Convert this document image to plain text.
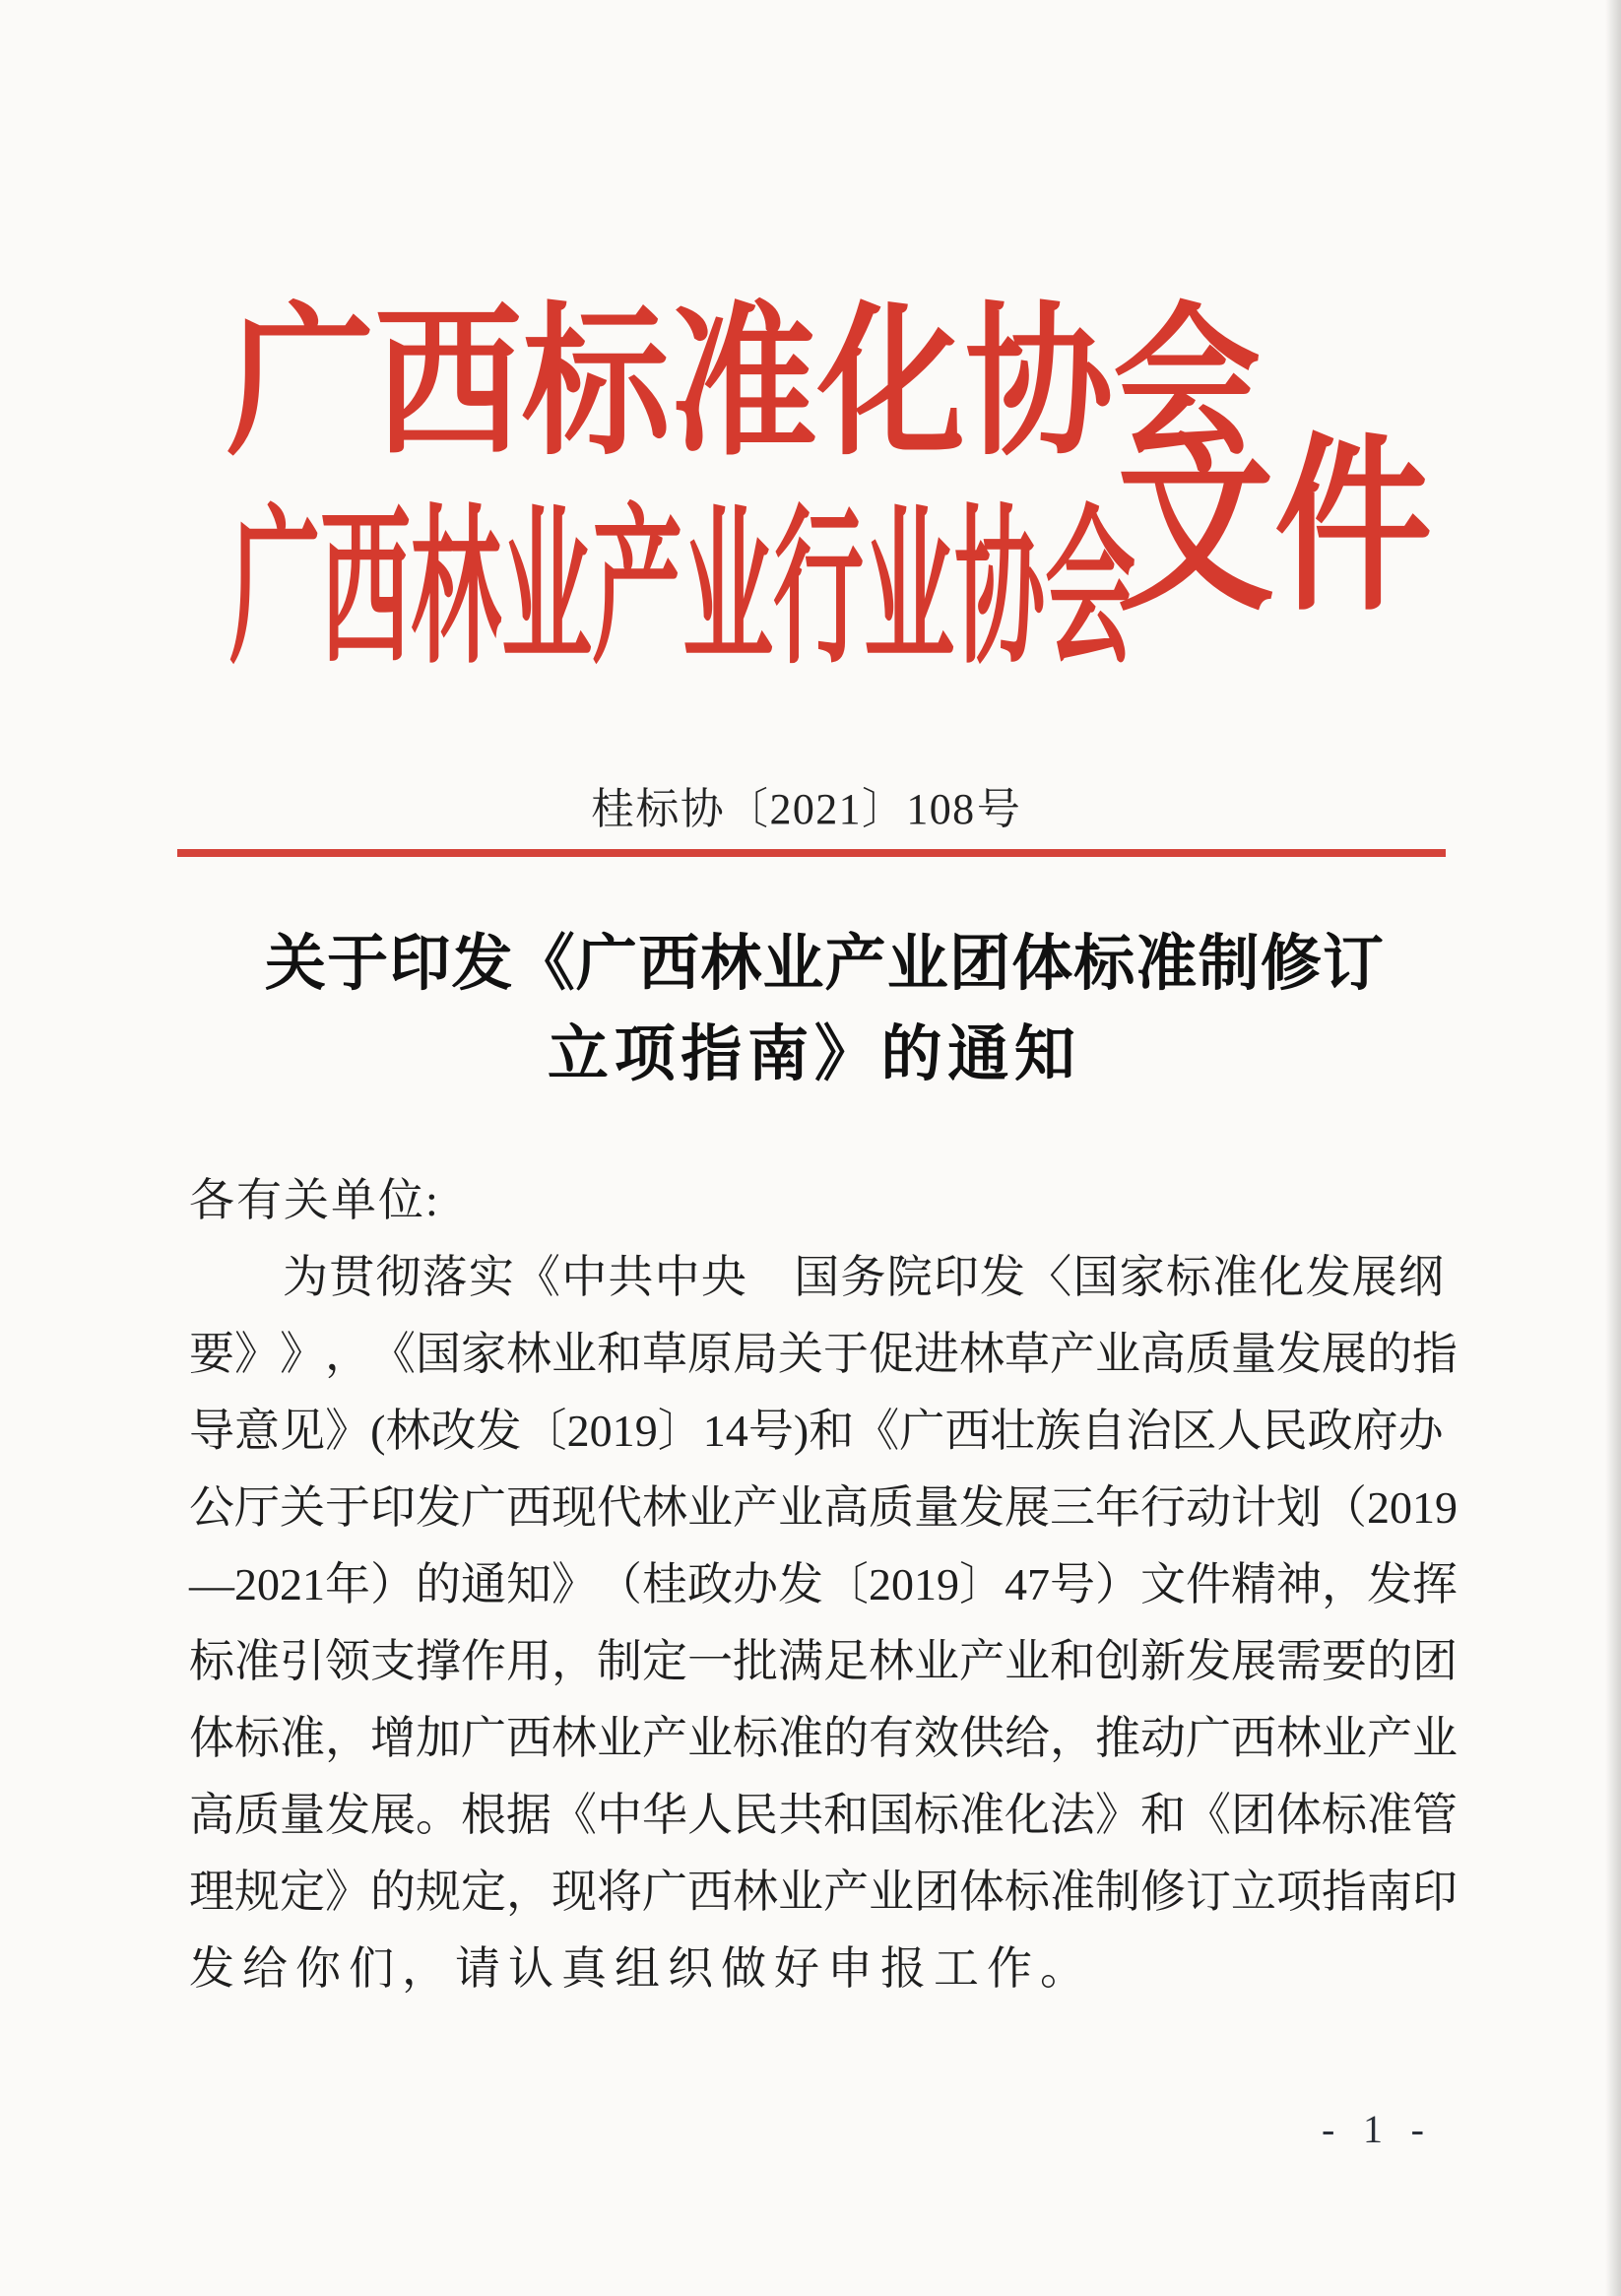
广 西 标 准 化 协 会
广 西 林 业 产 业 行 业 协 会
文 件
桂 标 协 〔 2 0 2 1 〕 1 0 8 号
关 于 印 发 《 广 西 林 业 产 业 团 体 标 准 制 修 订
立 项 指 南 》 的 通 知
各有关单位:
为 贯 彻 落 实 《 中 共 中 央
　 国 务 院 印 发 〈 国 家 标 准 化 发 展 纲
要 》 》 ， 《 国 家 林 业 和 草 原 局 关 于 促 进 林 草 产 业 高 质 量 发 展 的 指
导 意 见 》 ( 林 改 发 〔 2 0 1 9 〕 1 4 号 ) 和 《 广 西 壮 族 自 治 区 人 民 政 府 办
公 厅 关 于 印 发 广 西 现 代 林 业 产 业 高 质 量 发 展 三 年 行 动 计 划 （ 2 0 1 9
— 2 0 2 1 年 ） 的 通 知 》 （ 桂 政 办 发 〔 2 0 1 9 〕 4 7 号 ） 文 件 精 神 ， 发 挥
标 准 引 领 支 撑 作 用 ， 制 定 一 批 满 足 林 业 产 业 和 创 新 发 展 需 要 的 团
体 标 准 ， 增 加 广 西 林 业 产 业 标 准 的 有 效 供 给 ， 推 动 广 西 林 业 产 业
高 质 量 发 展 。 根 据 《 中 华 人 民 共 和 国 标 准 化 法 》 和 《 团 体 标 准 管
理 规 定 》 的 规 定 ， 现 将 广 西 林 业 产 业 团 体 标 准 制 修 订 立 项 指 南 印
发给你们，请认真组织做好申报工作。
- 1 -
